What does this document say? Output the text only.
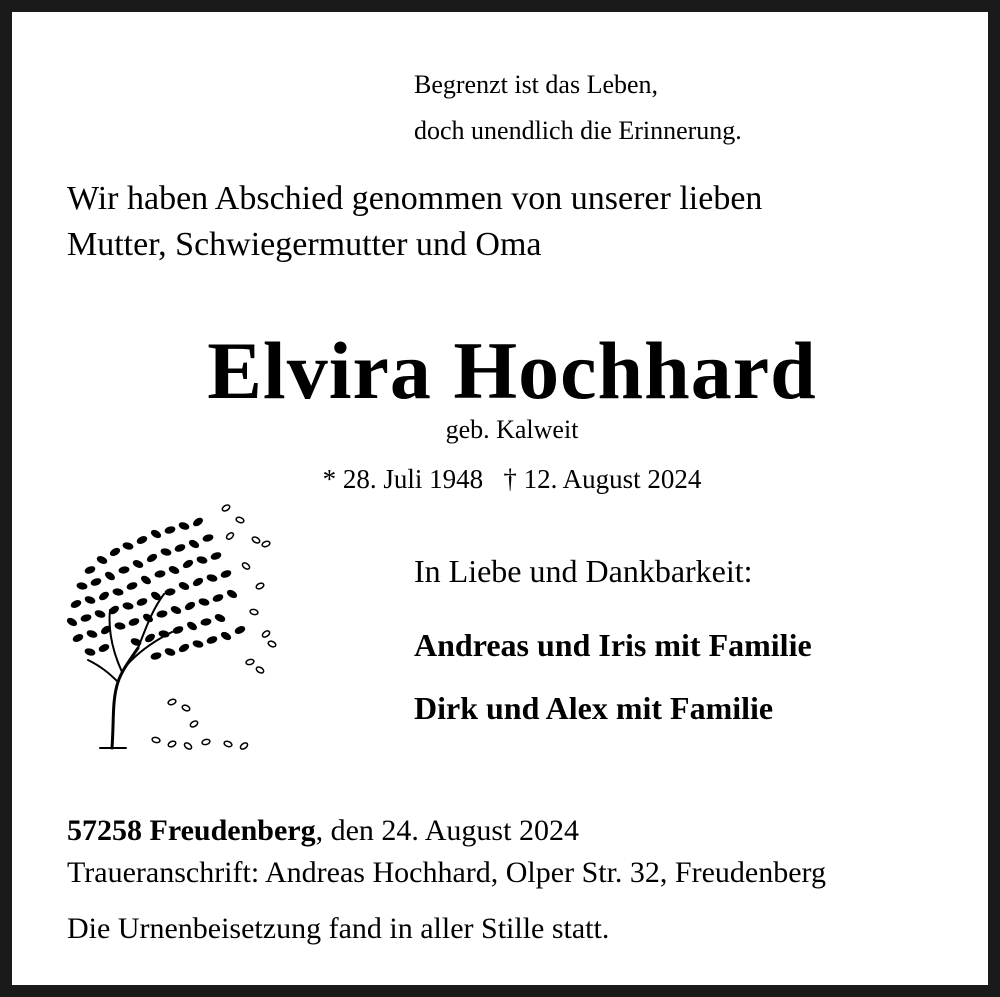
Begrenzt ist das Leben,
doch unendlich die Erinnerung.
Wir haben Abschied genommen von unserer lieben
Mutter, Schwiegermutter und Oma
Elvira Hochhard
geb. Kalweit
* 28. Juli 1948   † 12. August 2024
In Liebe und Dankbarkeit:
Andreas und Iris mit Familie
Dirk und Alex mit Familie
57258 Freudenberg, den 24. August 2024
Traueranschrift: Andreas Hochhard, Olper Str. 32, Freudenberg
Die Urnenbeisetzung fand in aller Stille statt.
